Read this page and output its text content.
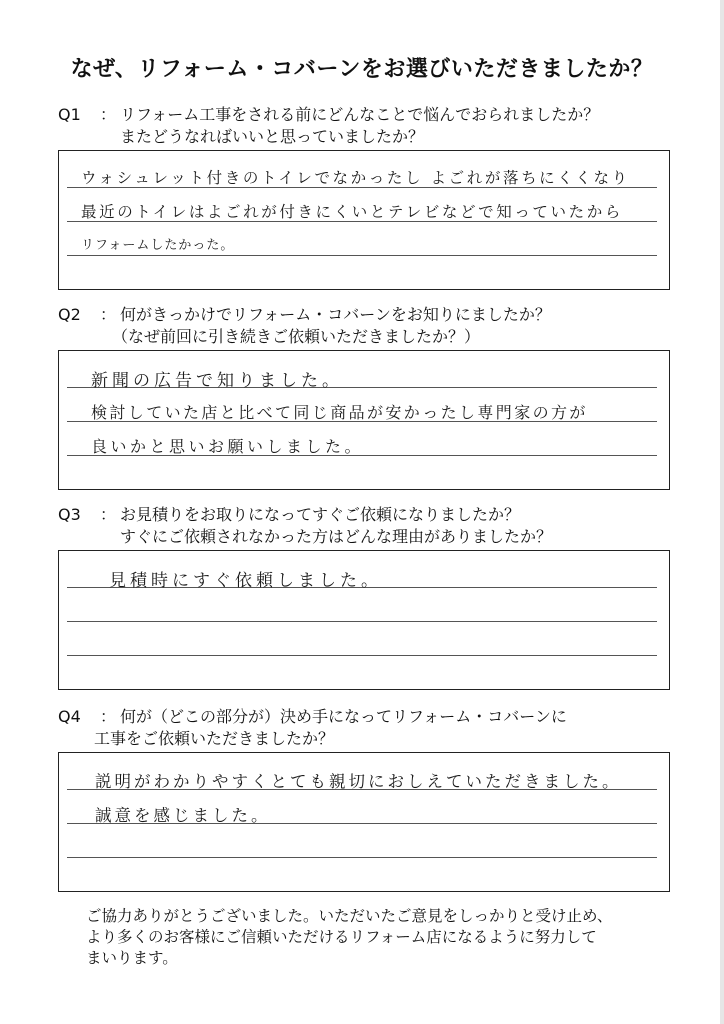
なぜ、リフォーム・コバーンをお選びいただきましたか？
Q1 ： リフォーム工事をされる前にどんなことで悩んでおられましたか？
またどうなればいいと思っていましたか？
ウォシュレット付きのトイレでなかったし よごれが落ちにくくなり
最近のトイレはよごれが付きにくいとテレビなどで知っていたから
リフォームしたかった。
Q2 ： 何がきっかけでリフォーム・コバーンをお知りにましたか？
（なぜ前回に引き続きご依頼いただきましたか？）
新聞の広告で知りました。
検討していた店と比べて同じ商品が安かったし専門家の方が
良いかと思いお願いしました。
Q3 ： お見積りをお取りになってすぐご依頼になりましたか？
すぐにご依頼されなかった方はどんな理由がありましたか？
見積時にすぐ依頼しました。
Q4 ： 何が（どこの部分が）決め手になってリフォーム・コバーンに
工事をご依頼いただきましたか？
説明がわかりやすくとても親切におしえていただきました。
誠意を感じました。
ご協力ありがとうございました。いただいたご意見をしっかりと受け止め、
より多くのお客様にご信頼いただけるリフォーム店になるように努力して
まいります。
